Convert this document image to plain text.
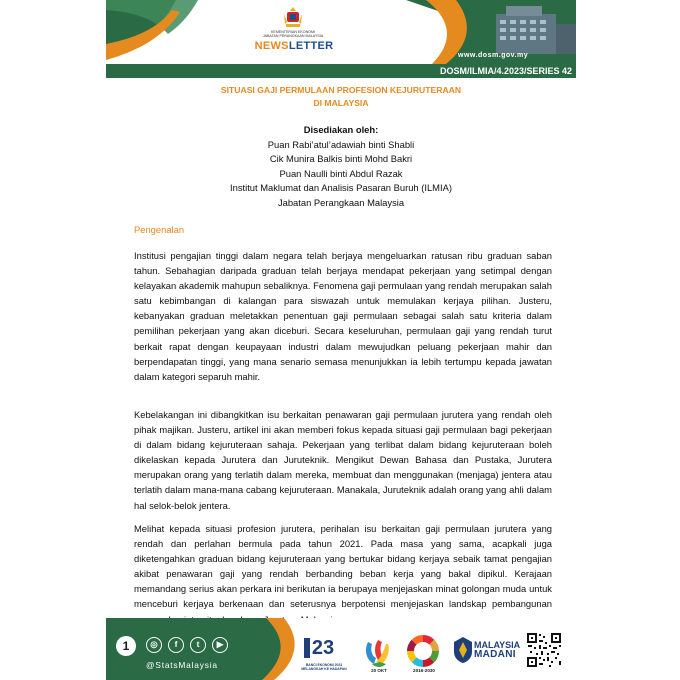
KEMENTERIAN EKONOMI
JABATAN PERANGKAAN MALAYSIA
NEWSLETTER
www.dosm.gov.my
DOSM/ILMIA/4.2023/SERIES 42
SITUASI GAJI PERMULAAN PROFESION KEJURUTERAAN
DI MALAYSIA
Disediakan oleh:
Puan Rabi’atul’adawiah binti Shabli
Cik Munira Balkis binti Mohd Bakri
Puan Naulli binti Abdul Razak
Institut Maklumat dan Analisis Pasaran Buruh (ILMIA)
Jabatan Perangkaan Malaysia
Pengenalan
Institusi pengajian tinggi dalam negara telah berjaya mengeluarkan ratusan ribu graduan saban tahun. Sebahagian daripada graduan telah berjaya mendapat pekerjaan yang setimpal dengan kelayakan akademik mahupun sebaliknya. Fenomena gaji permulaan yang rendah merupakan salah satu kebimbangan di kalangan para siswazah untuk memulakan kerjaya pilihan. Justeru, kebanyakan graduan meletakkan penentuan gaji permulaan sebagai salah satu kriteria dalam pemilihan pekerjaan yang akan diceburi. Secara keseluruhan, permulaan gaji yang rendah turut berkait rapat dengan keupayaan industri dalam mewujudkan peluang pekerjaan mahir dan berpendapatan tinggi, yang mana senario semasa menunjukkan ia lebih tertumpu kepada jawatan dalam kategori separuh mahir.
Kebelakangan ini dibangkitkan isu berkaitan penawaran gaji permulaan jurutera yang rendah oleh pihak majikan. Justeru, artikel ini akan memberi fokus kepada situasi gaji permulaan bagi pekerjaan di dalam bidang kejuruteraan sahaja. Pekerjaan yang terlibat dalam bidang kejuruteraan boleh dikelaskan kepada Jurutera dan Juruteknik. Mengikut Dewan Bahasa dan Pustaka, Jurutera merupakan orang yang terlatih dalam mereka, membuat dan menggunakan (menjaga) jentera atau terlatih dalam mana-mana cabang kejuruteraan. Manakala, Juruteknik adalah orang yang ahli dalam hal selok-belok jentera.
Melihat kepada situasi profesion jurutera, perihalan isu berkaitan gaji permulaan jurutera yang rendah dan perlahan bermula pada tahun 2021. Pada masa yang sama, acapkali juga diketengahkan graduan bidang kejuruteraan yang bertukar bidang kerjaya sebaik tamat pengajian akibat penawaran gaji yang rendah berbanding beban kerja yang bakal dipikul. Kerajaan memandang serius akan perkara ini berikutan ia berupaya menjejaskan minat golongan muda untuk menceburi kerjaya berkenaan dan seterusnya berpotensi menjejaskan landskap pembangunan
1	◎	f	t	▶
@StatsMalaysia
23
BANCI EKONOMI 2023
MELANGKAH KE HADAPAN	20 OKT	2016-2030
MALAYSIA
MADANI
